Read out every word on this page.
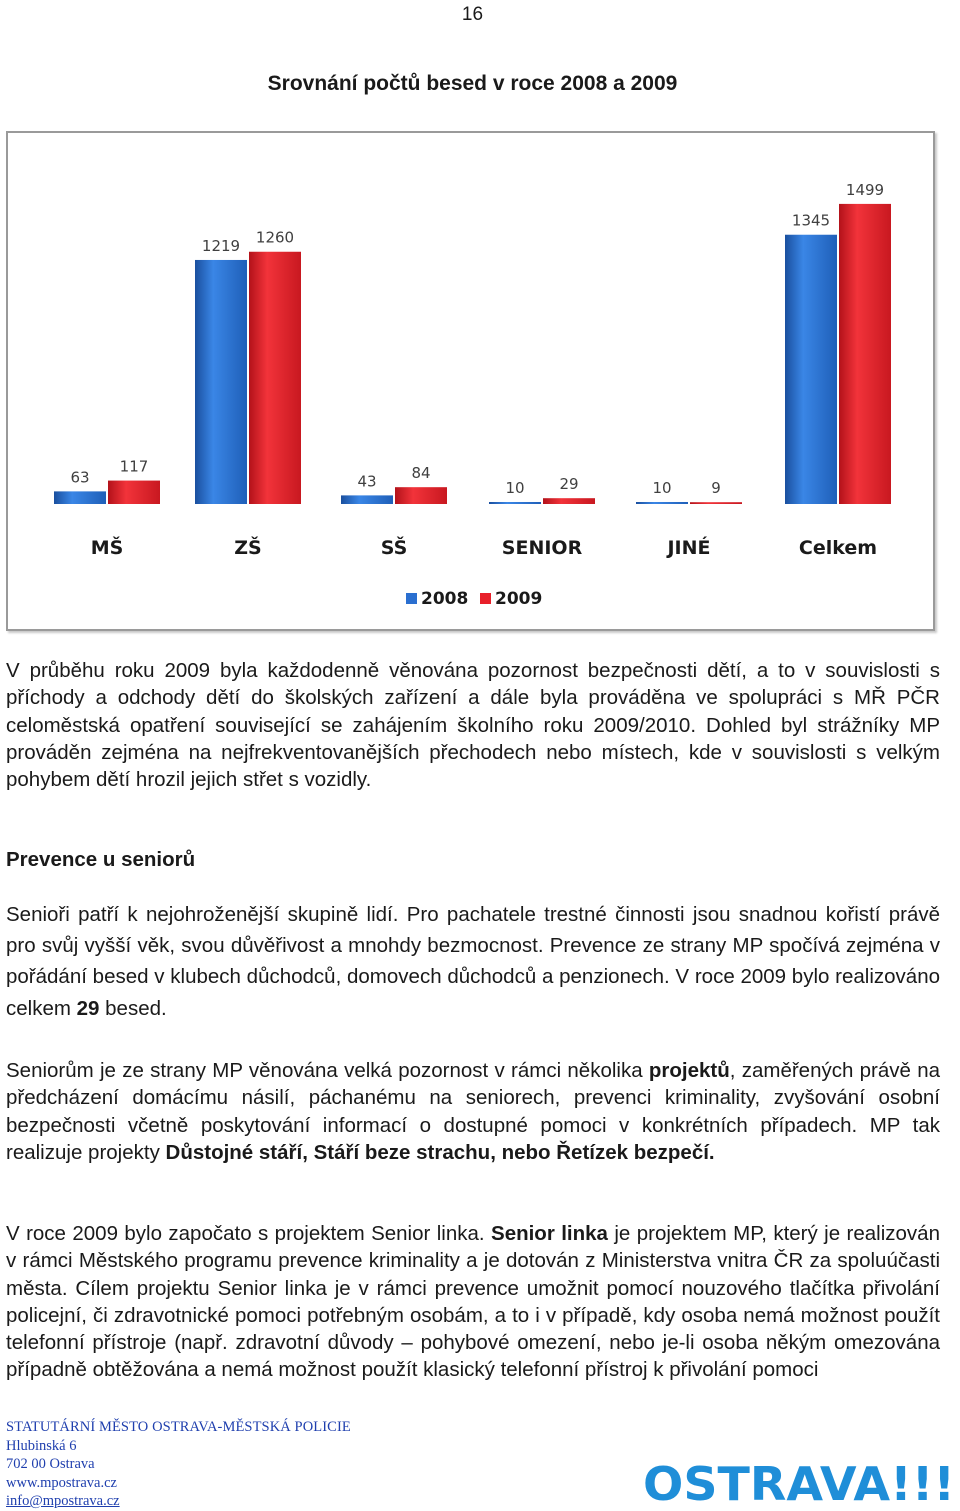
16
Srovnání počtů besed v roce 2008 a 2009
63
117
MŠ
1219 1260
ZŠ
43 84
SŠ
10 29
SENIOR
10	9
JINÉ
1345
1499
Celkem
2008 2009

V průběhu roku 2009 byla každodenně věnována pozornost bezpečnosti dětí, a to v souvislosti s příchody a odchody dětí do školských zařízení a dále byla prováděna ve spolupráci s MŘ PČR celoměstská opatření související se zahájením školního roku 2009/2010. Dohled byl strážníky MP prováděn zejména na nejfrekventovanějších přechodech nebo místech, kde v souvislosti s velkým pohybem dětí hrozil jejich střet s vozidly.

Prevence u seniorů

Senioři patří k nejohroženější skupině lidí. Pro pachatele trestné činnosti jsou snadnou kořistí právě pro svůj vyšší věk, svou důvěřivost a mnohdy bezmocnost. Prevence ze strany MP spočívá zejména v pořádání besed v klubech důchodců, domovech důchodců a penzionech. V roce 2009 bylo realizováno celkem 29 besed.

Seniorům je ze strany MP věnována velká pozornost v rámci několika projektů, zaměřených právě na předcházení domácímu násilí, páchanému na seniorech, prevenci kriminality, zvyšování osobní bezpečnosti včetně poskytování informací o dostupné pomoci v konkrétních případech. MP tak realizuje projekty Důstojné stáří, Stáří beze strachu, nebo Řetízek bezpečí.

V roce 2009 bylo započato s projektem Senior linka. Senior linka je projektem MP, který je realizován v rámci Městského programu prevence kriminality a je dotován z Ministerstva vnitra ČR za spoluúčasti města. Cílem projektu Senior linka je v rámci prevence umožnit pomocí nouzového tlačítka přivolání policejní, či zdravotnické pomoci potřebným osobám, a to i v případě, kdy osoba nemá možnost použít telefonní přístroje (např. zdravotní důvody – pohybové omezení, nebo je-li osoba někým omezována případně obtěžována a nemá možnost použít klasický telefonní přístroj k přivolání pomoci

STATUTÁRNÍ MĚSTO OSTRAVA-MĚSTSKÁ POLICIE
Hlubinská 6
702 00 Ostrava
www.mpostrava.cz
info@mpostrava.cz	OSTRAVA!!!
